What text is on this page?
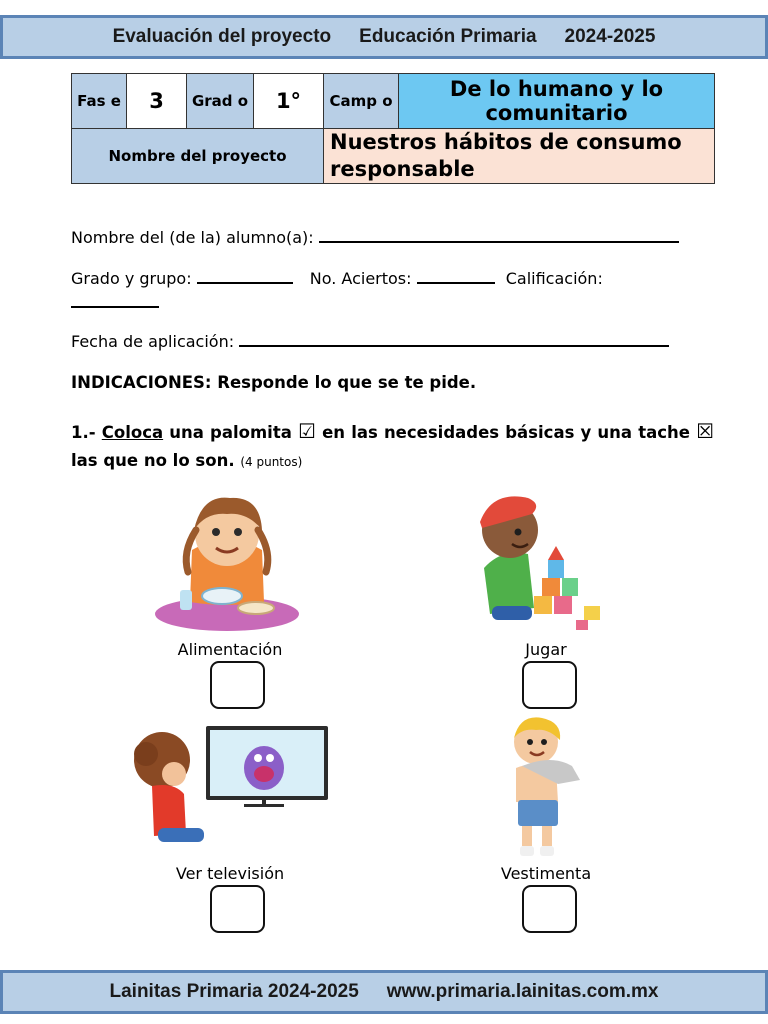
Evaluación del proyecto Educación Primaria 2024-2025
Fas e	3	Grad o	1°	Camp o	De lo humano y lo comunitario
Nombre del proyecto				Nuestros hábitos de consumo responsable	
Nombre del (de la) alumno(a):
Grado y grupo:	No. Aciertos:	Calificación:
Fecha de aplicación:
INDICACIONES: Responde lo que se te pide.
1.- Coloca una palomita ☑ en las necesidades básicas y una tache ☒ las que no lo son. (4 puntos)
Alimentación	Jugar
Ver televisión	Vestimenta
Lainitas Primaria 2024-2025 www.primaria.lainitas.com.mx
